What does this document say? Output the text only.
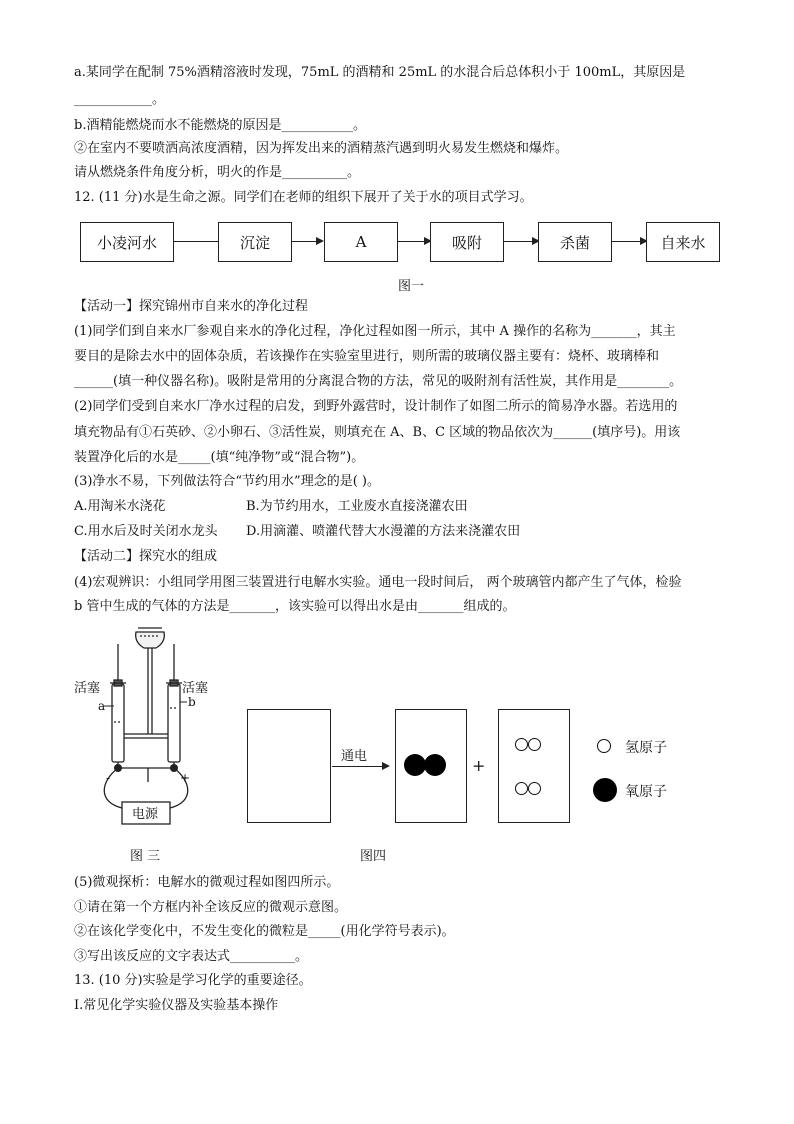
a.某同学在配制 75%酒精溶液时发现，75mL 的酒精和 25mL 的水混合后总体积小于 100mL，其原因是
____________。
b.酒精能燃烧而水不能燃烧的原因是___________。
②在室内不要喷洒高浓度酒精，因为挥发出来的酒精蒸汽遇到明火易发生燃烧和爆炸。
请从燃烧条件角度分析，明火的作是__________。
12. (11 分)水是生命之源。同学们在老师的组织下展开了关于水的项目式学习。
小凌河水	沉淀	A	吸附	杀菌	自来水
图一
【活动一】探究锦州市自来水的净化过程
(1)同学们到自来水厂参观自来水的净化过程，净化过程如图一所示，其中 A 操作的名称为_______，其主
要目的是除去水中的固体杂质，若该操作在实验室里进行，则所需的玻璃仪器主要有：烧杯、玻璃棒和
______(填一种仪器名称)。吸附是常用的分离混合物的方法，常见的吸附剂有活性炭，其作用是________。
(2)同学们受到自来水厂净水过程的启发，到野外露营时，设计制作了如图二所示的简易净水器。若选用的
填充物品有①石英砂、②小卵石、③活性炭，则填充在 A、B、C 区域的物品依次为______(填序号)。用该
装置净化后的水是_____(填“纯净物”或“混合物”)。
(3)净水不易，下列做法符合“节约用水”理念的是( )。
A.用淘米水浇花	B.为节约用水，工业废水直接浇灌农田
C.用水后及时关闭水龙头 D.用滴灌、喷灌代替大水漫灌的方法来浇灌农田
【活动二】探究水的组成
(4)宏观辨识：小组同学用图三装置进行电解水实验。通电一段时间后， 两个玻璃管内都产生了气体，检验
b 管中生成的气体的方法是_______，该实验可以得出水是由_______组成的。
活塞	活塞
a	b
-	+
电源
图 三
通电	+
氢原子
氧原子
图四
(5)微观探析：电解水的微观过程如图四所示。
①请在第一个方框内补全该反应的微观示意图。
②在该化学变化中，不发生变化的微粒是_____(用化学符号表示)。
③写出该反应的文字表达式__________。
13. (10 分)实验是学习化学的重要途径。
Ⅰ.常见化学实验仪器及实验基本操作
